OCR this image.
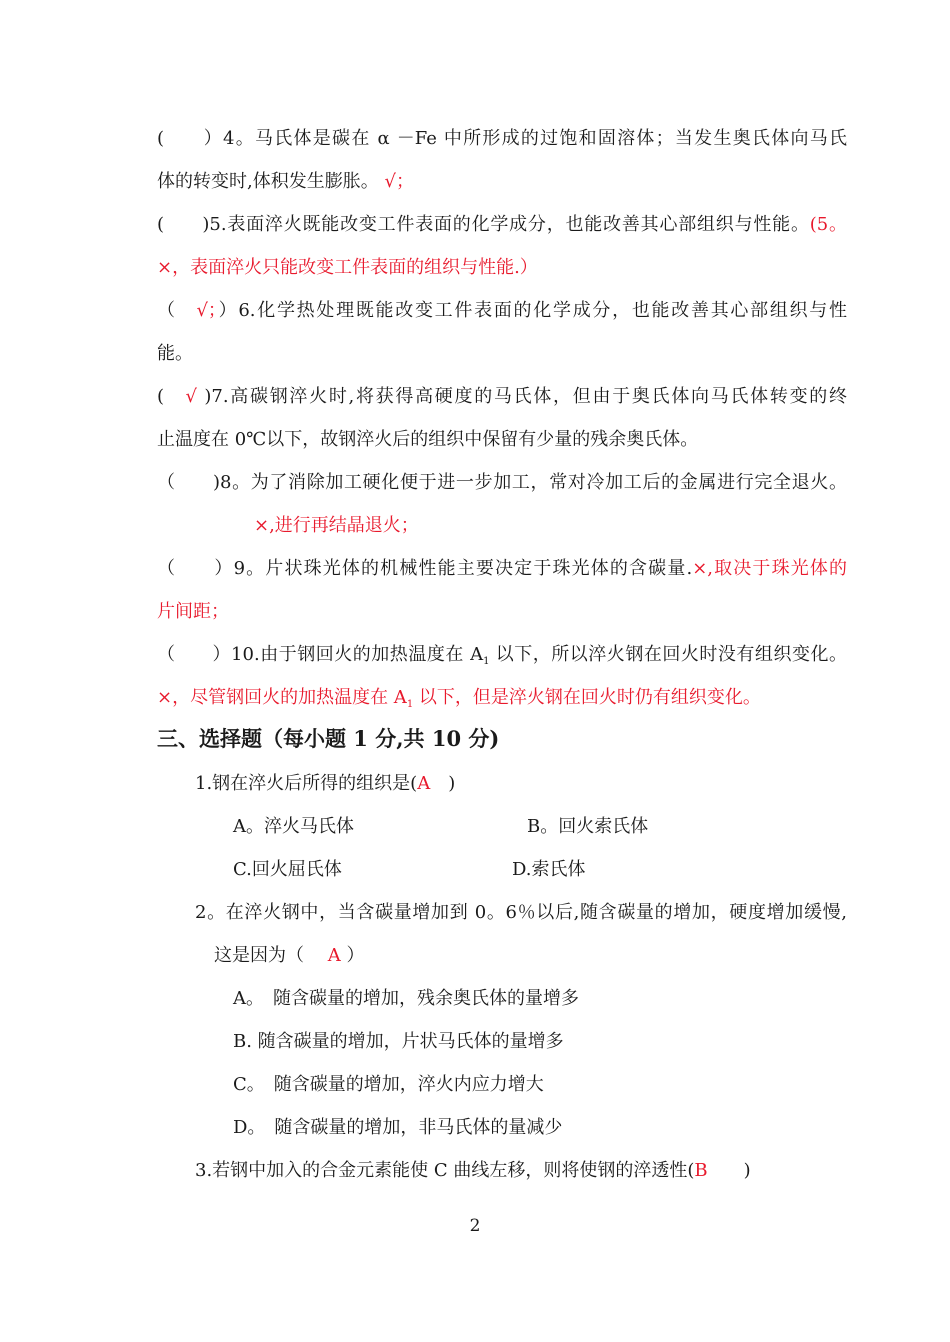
(　　）4。马氏体是碳在 α －Fe 中所形成的过饱和固溶体；当发生奥氏体向马氏
体的转变时,体积发生膨胀。 √；
(　　)5.表面淬火既能改变工件表面的化学成分，也能改善其心部组织与性能。(5。
×，表面淬火只能改变工件表面的组织与性能.）
（　 √；）6.化学热处理既能改变工件表面的化学成分，也能改善其心部组织与性
能。
(　 √ )7.高碳钢淬火时,将获得高硬度的马氏体，但由于奥氏体向马氏体转变的终
止温度在 0℃以下，故钢淬火后的组织中保留有少量的残余奥氏体。
（　　)8。为了消除加工硬化便于进一步加工，常对冷加工后的金属进行完全退火。
×,进行再结晶退火；
（　　）9。片状珠光体的机械性能主要决定于珠光体的含碳量.×,取决于珠光体的
片间距；
（　　）10.由于钢回火的加热温度在 $A_1$ 以下，所以淬火钢在回火时没有组织变化。
×，尽管钢回火的加热温度在 $A_1$ 以下，但是淬火钢在回火时仍有组织变化。
三、选择题（每小题 1 分,共 10 分)
1.钢在淬火后所得的组织是(A　)
A。淬火马氏体	B。回火索氏体
C.回火屈氏体	D.索氏体
2。在淬火钢中，当含碳量增加到 0。6％以后,随含碳量的增加，硬度增加缓慢,
这是因为（　 A ）
A。　随含碳量的增加，残余奥氏体的量增多
B. 随含碳量的增加，片状马氏体的量增多
C。　随含碳量的增加，淬火内应力增大
D。　随含碳量的增加，非马氏体的量减少
3.若钢中加入的合金元素能使 C 曲线左移，则将使钢的淬透性(B　　)
2
